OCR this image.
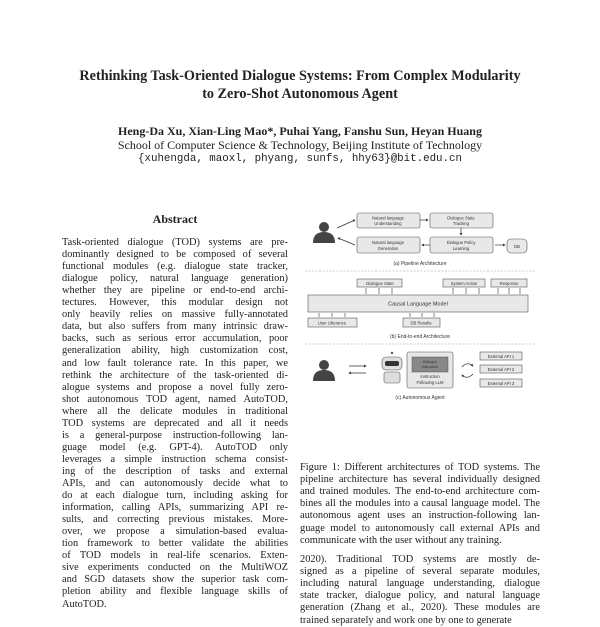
Rethinking Task-Oriented Dialogue Systems: From Complex Modularity
to Zero-Shot Autonomous Agent
Heng-Da Xu, Xian-Ling Mao*, Puhai Yang, Fanshu Sun, Heyan Huang
School of Computer Science & Technology, Beijing Institute of Technology
{xuhengda, maoxl, phyang, sunfs, hhy63}@bit.edu.cn
Abstract
Task-oriented dialogue (TOD) systems are pre-
dominantly designed to be composed of several
functional modules (e.g. dialogue state tracker,
dialogue policy, natural language generation)
whether they are pipeline or end-to-end archi-
tectures. However, this modular design not
only heavily relies on massive fully-annotated
data, but also suffers from many intrinsic draw-
backs, such as serious error accumulation, poor
generalization ability, high customization cost,
and low fault tolerance rate. In this paper, we
rethink the architecture of the task-oriented di-
alogue systems and propose a novel fully zero-
shot autonomous TOD agent, named AutoTOD,
where all the delicate modules in traditional
TOD systems are deprecated and all it needs
is a general-purpose instruction-following lan-
guage model (e.g. GPT-4). AutoTOD only
leverages a simple instruction schema consist-
ing of the description of tasks and external
APIs, and can autonomously decide what to
do at each dialogue turn, including asking for
information, calling APIs, summarizing API re-
sults, and correcting previous mistakes. More-
over, we propose a simulation-based evalua-
tion framework to better validate the abilities
of TOD models in real-life scenarios. Exten-
sive experiments conducted on the MultiWOZ
and SGD datasets show the superior task com-
pletion ability and flexible language skills of
AutoTOD.
Natural language
Understanding
Dialogue State
Tracking
Natural language
Generation
Dialogue Policy
Learning	DB
(a) Pipeline Architecture
Dialogue State	System Action	Response
Causal Language Model
User Utterance	DB Results
(b) End-to-end Architecture
Dialogue
Instruction
Instruction
Following LLM
External API 1
External API 2
External API 3
(c) Autonomous Agent
Figure 1: Different architectures of TOD systems. The
pipeline architecture has several individually designed
and trained modules. The end-to-end architecture com-
bines all the modules into a causal language model. The
autonomous agent uses an instruction-following lan-
guage model to autonomously call external APIs and
communicate with the user without any training.
2020). Traditional TOD systems are mostly de-
signed as a pipeline of several separate modules,
including natural language understanding, dialogue
state tracker, dialogue policy, and natural language
generation (Zhang et al., 2020). These modules are
trained separately and work one by one to generate
